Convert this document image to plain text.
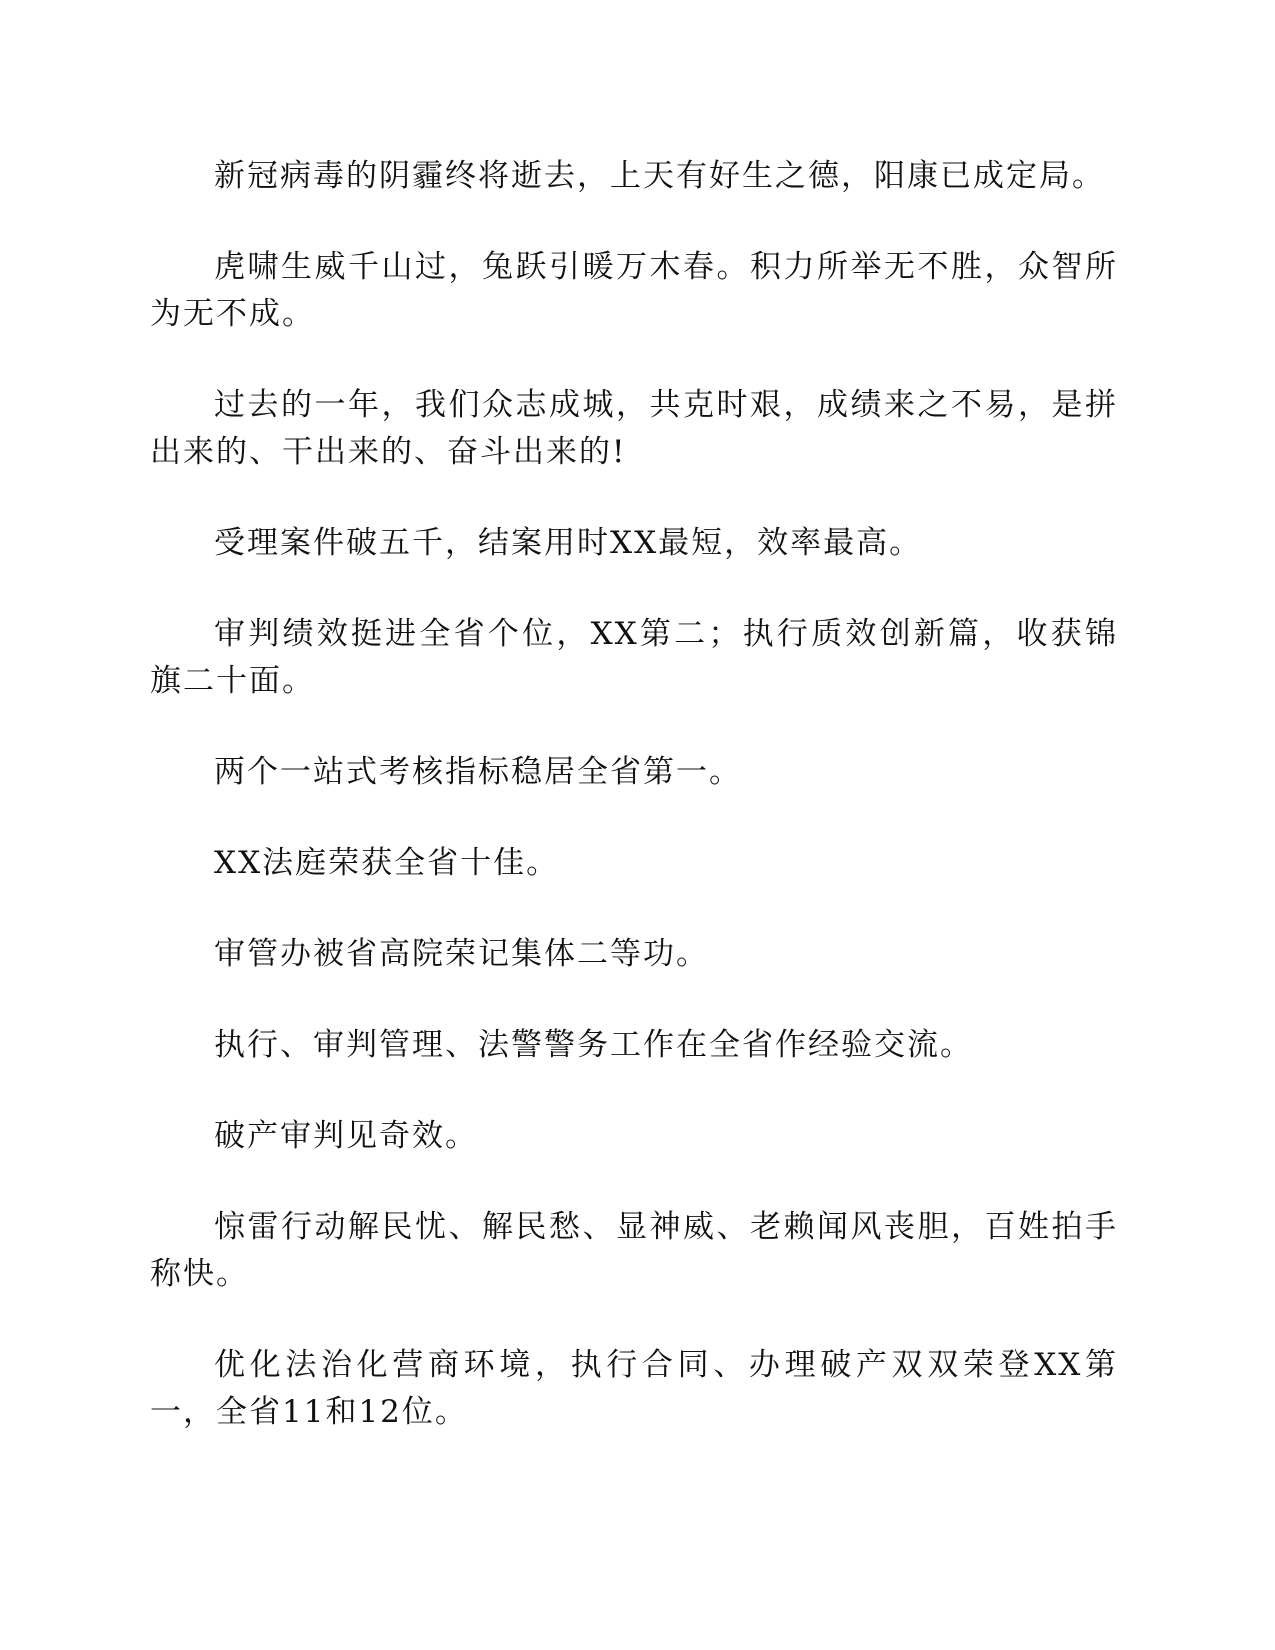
新冠病毒的阴霾终将逝去，上天有好生之德，阳康已成定局。

虎啸生威千山过，兔跃引暖万木春。积力所举无不胜，众智所为无不成。

过去的一年，我们众志成城，共克时艰，成绩来之不易，是拼出来的、干出来的、奋斗出来的!

受理案件破五千，结案用时XX最短，效率最高。

审判绩效挺进全省个位，XX第二；执行质效创新篇，收获锦旗二十面。

两个一站式考核指标稳居全省第一。

XX法庭荣获全省十佳。

审管办被省高院荣记集体二等功。

执行、审判管理、法警警务工作在全省作经验交流。

破产审判见奇效。

惊雷行动解民忧、解民愁、显神威、老赖闻风丧胆，百姓拍手称快。

优化法治化营商环境，执行合同、办理破产双双荣登XX第一，全省11和12位。
